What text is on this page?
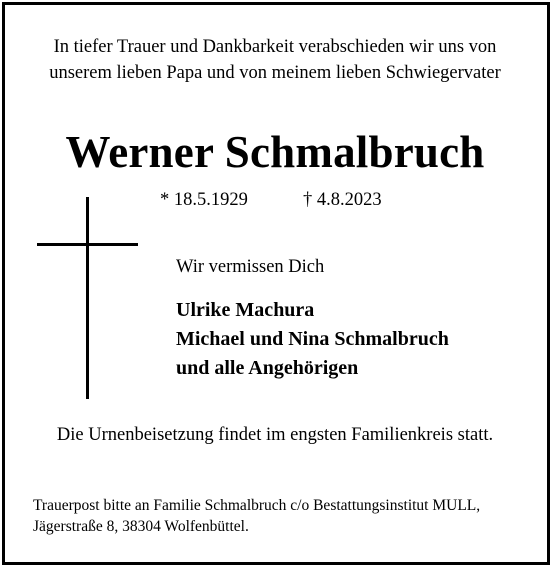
In tiefer Trauer und Dankbarkeit verabschieden wir uns von
unserem lieben Papa und von meinem lieben Schwiegervater
Werner Schmalbruch
* 18.5.1929	† 4.8.2023
Wir vermissen Dich
Ulrike Machura
Michael und Nina Schmalbruch
und alle Angehörigen
Die Urnenbeisetzung findet im engsten Familienkreis statt.
Trauerpost bitte an Familie Schmalbruch c/o Bestattungsinstitut MULL,
Jägerstraße 8, 38304 Wolfenbüttel.
